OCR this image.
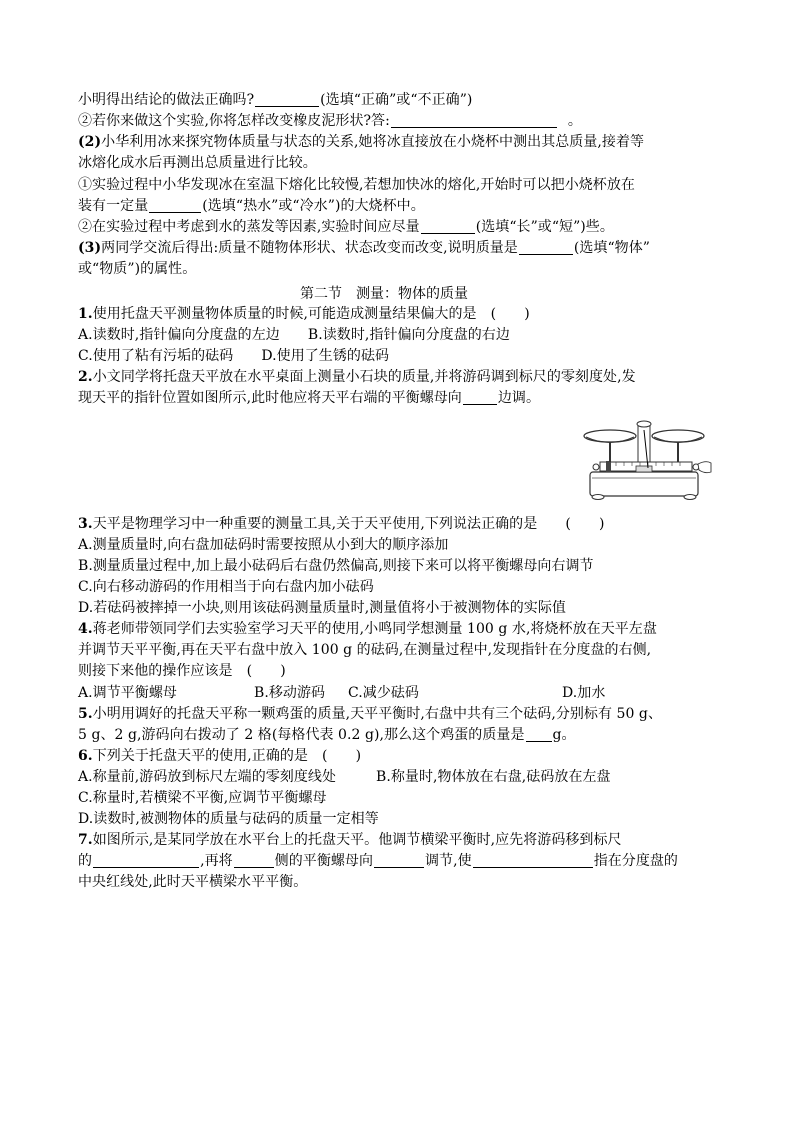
小明得出结论的做法正确吗?	(选填“正确”或“不正确”)
②若你来做这个实验,你将怎样改变橡皮泥形状?答:	。
(2)小华利用冰来探究物体质量与状态的关系,她将冰直接放在小烧杯中测出其总质量,接着等
冰熔化成水后再测出总质量进行比较。
①实验过程中小华发现冰在室温下熔化比较慢,若想加快冰的熔化,开始时可以把小烧杯放在
装有一定量	(选填“热水”或“冷水”)的大烧杯中。
②在实验过程中考虑到水的蒸发等因素,实验时间应尽量	(选填“长”或“短”)些。
(3)两同学交流后得出:质量不随物体形状、状态改变而改变,说明质量是	(选填“物体”
或“物质”)的属性。
第二节　测量：物体的质量
1.使用托盘天平测量物体质量的时候,可能造成测量结果偏大的是　(　　)
A.读数时,指针偏向分度盘的左边　　B.读数时,指针偏向分度盘的右边
C.使用了粘有污垢的砝码　　D.使用了生锈的砝码
2.小文同学将托盘天平放在水平桌面上测量小石块的质量,并将游码调到标尺的零刻度处,发
现天平的指针位置如图所示,此时他应将天平右端的平衡螺母向	边调。
3.天平是物理学习中一种重要的测量工具,关于天平使用,下列说法正确的是　　(　　)
A.测量质量时,向右盘加砝码时需要按照从小到大的顺序添加
B.测量质量过程中,加上最小砝码后右盘仍然偏高,则接下来可以将平衡螺母向右调节
C.向右移动游码的作用相当于向右盘内加小砝码
D.若砝码被摔掉一小块,则用该砝码测量质量时,测量值将小于被测物体的实际值
4.蒋老师带领同学们去实验室学习天平的使用,小鸣同学想测量 100 g 水,将烧杯放在天平左盘
并调节天平平衡,再在天平右盘中放入 100 g 的砝码,在测量过程中,发现指针在分度盘的右侧,
则接下来他的操作应该是　(　　)
A.调节平衡螺母	B.移动游码 C.减少砝码	D.加水
5.小明用调好的托盘天平称一颗鸡蛋的质量,天平平衡时,右盘中共有三个砝码,分别标有 50 g、
5 g、2 g,游码向右拨动了 2 格(每格代表 0.2 g),那么这个鸡蛋的质量是 g。
6.下列关于托盘天平的使用,正确的是　(　　)
A.称量前,游码放到标尺左端的零刻度线处	B.称量时,物体放在右盘,砝码放在左盘
C.称量时,若横梁不平衡,应调节平衡螺母
D.读数时,被测物体的质量与砝码的质量一定相等
7.如图所示,是某同学放在水平台上的托盘天平。他调节横梁平衡时,应先将游码移到标尺
的	,再将	侧的平衡螺母向	调节,使	指在分度盘的
中央红线处,此时天平横梁水平平衡。
